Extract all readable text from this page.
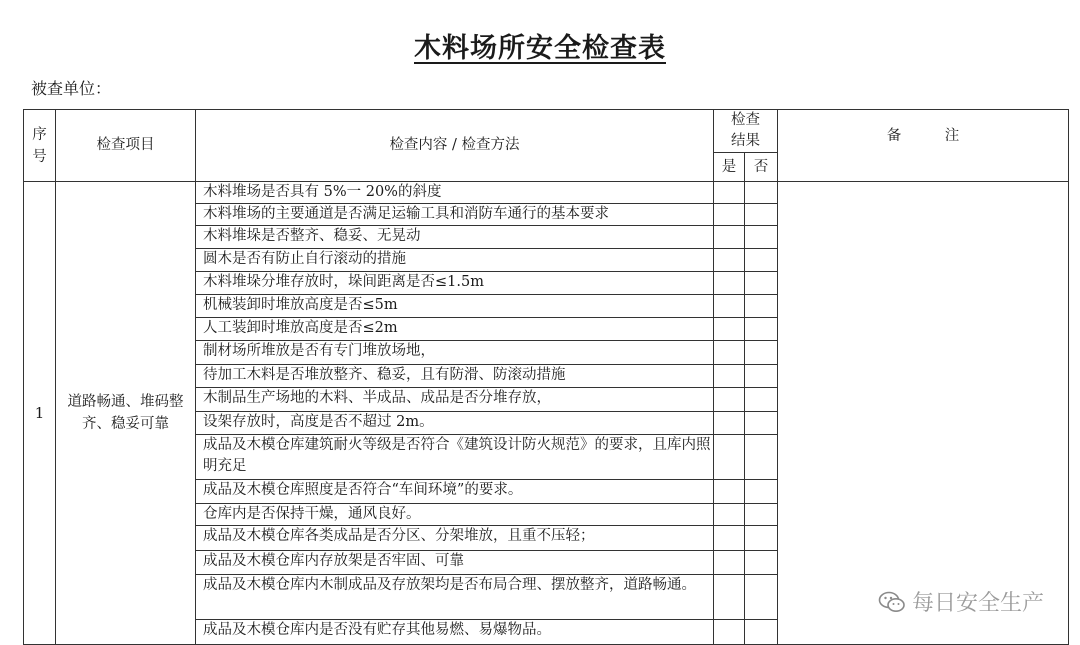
木料场所安全检查表
被查单位：
序号	检查项目	检查内容 / 检查方法	检查结果		备　　　注
			是	否	
1	道路畅通、堆码整齐、稳妥可靠	木料堆场是否具有 5%一 20%的斜度			
		木料堆场的主要通道是否满足运输工具和消防车通行的基本要求			
		木料堆垛是否整齐、稳妥、无晃动			
		圆木是否有防止自行滚动的措施			
		木料堆垛分堆存放时，垛间距离是否≤1.5m			
		机械装卸时堆放高度是否≤5m			
		人工装卸时堆放高度是否≤2m			
		制材场所堆放是否有专门堆放场地，			
		待加工木料是否堆放整齐、稳妥，且有防滑、防滚动措施			
		木制品生产场地的木料、半成品、成品是否分堆存放，			
		设架存放时，高度是否不超过 2m。			
		成品及木模仓库建筑耐火等级是否符合《建筑设计防火规范》的要求，且库内照明充足			
		成品及木模仓库照度是否符合“车间环境”的要求。			
		仓库内是否保持干燥，通风良好。			
		成品及木模仓库各类成品是否分区、分架堆放，且重不压轻；			
		成品及木模仓库内存放架是否牢固、可靠			
		成品及木模仓库内木制成品及存放架均是否布局合理、摆放整齐，道路畅通。			
		成品及木模仓库内是否没有贮存其他易燃、易爆物品。			
每日安全生产
